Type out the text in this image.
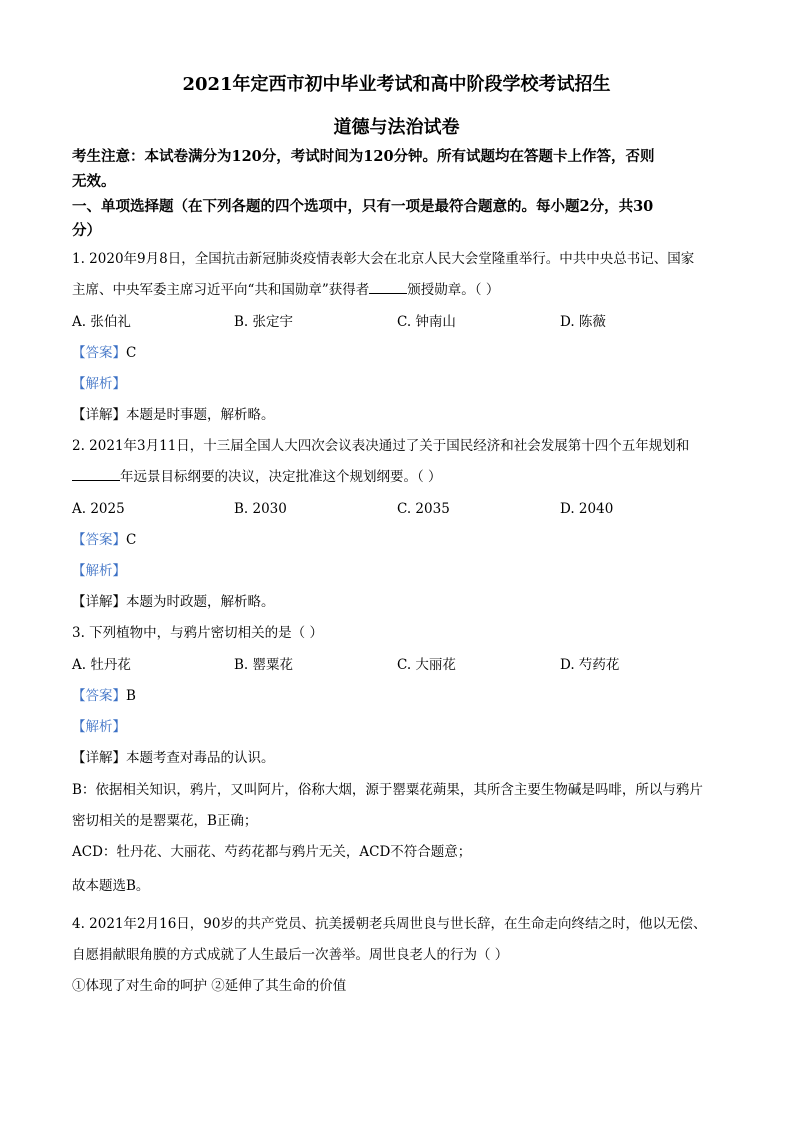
2021年定西市初中毕业考试和高中阶段学校考试招生
道德与法治试卷
考生注意：本试卷满分为120分，考试时间为120分钟。所有试题均在答题卡上作答，否则
无效。
一、单项选择题（在下列各题的四个选项中，只有一项是最符合题意的。每小题2分，共30
分）
1. 2020年9月8日，全国抗击新冠肺炎疫情表彰大会在北京人民大会堂隆重举行。中共中央总书记、国家
主席、中央军委主席习近平向“共和国勋章”获得者	颁授勋章。（ ）
A. 张伯礼	B. 张定宇	C. 钟南山	D. 陈薇
【答案】C
【解析】
【详解】本题是时事题，解析略。
2. 2021年3月11日，十三届全国人大四次会议表决通过了关于国民经济和社会发展第十四个五年规划和
年远景目标纲要的决议，决定批准这个规划纲要。（ ）
A. 2025	B. 2030	C. 2035	D. 2040
【答案】C
【解析】
【详解】本题为时政题，解析略。
3. 下列植物中，与鸦片密切相关的是（ ）
A. 牡丹花	B. 罂粟花	C. 大丽花	D. 芍药花
【答案】B
【解析】
【详解】本题考查对毒品的认识。
B：依据相关知识，鸦片，又叫阿片，俗称大烟，源于罂粟花蒴果，其所含主要生物碱是吗啡，所以与鸦片
密切相关的是罂粟花，B正确；
ACD：牡丹花、大丽花、芍药花都与鸦片无关，ACD不符合题意；
故本题选B。
4. 2021年2月16日，90岁的共产党员、抗美援朝老兵周世良与世长辞，在生命走向终结之时，他以无偿、
自愿捐献眼角膜的方式成就了人生最后一次善举。周世良老人的行为（ ）
①体现了对生命的呵护 ②延伸了其生命的价值
